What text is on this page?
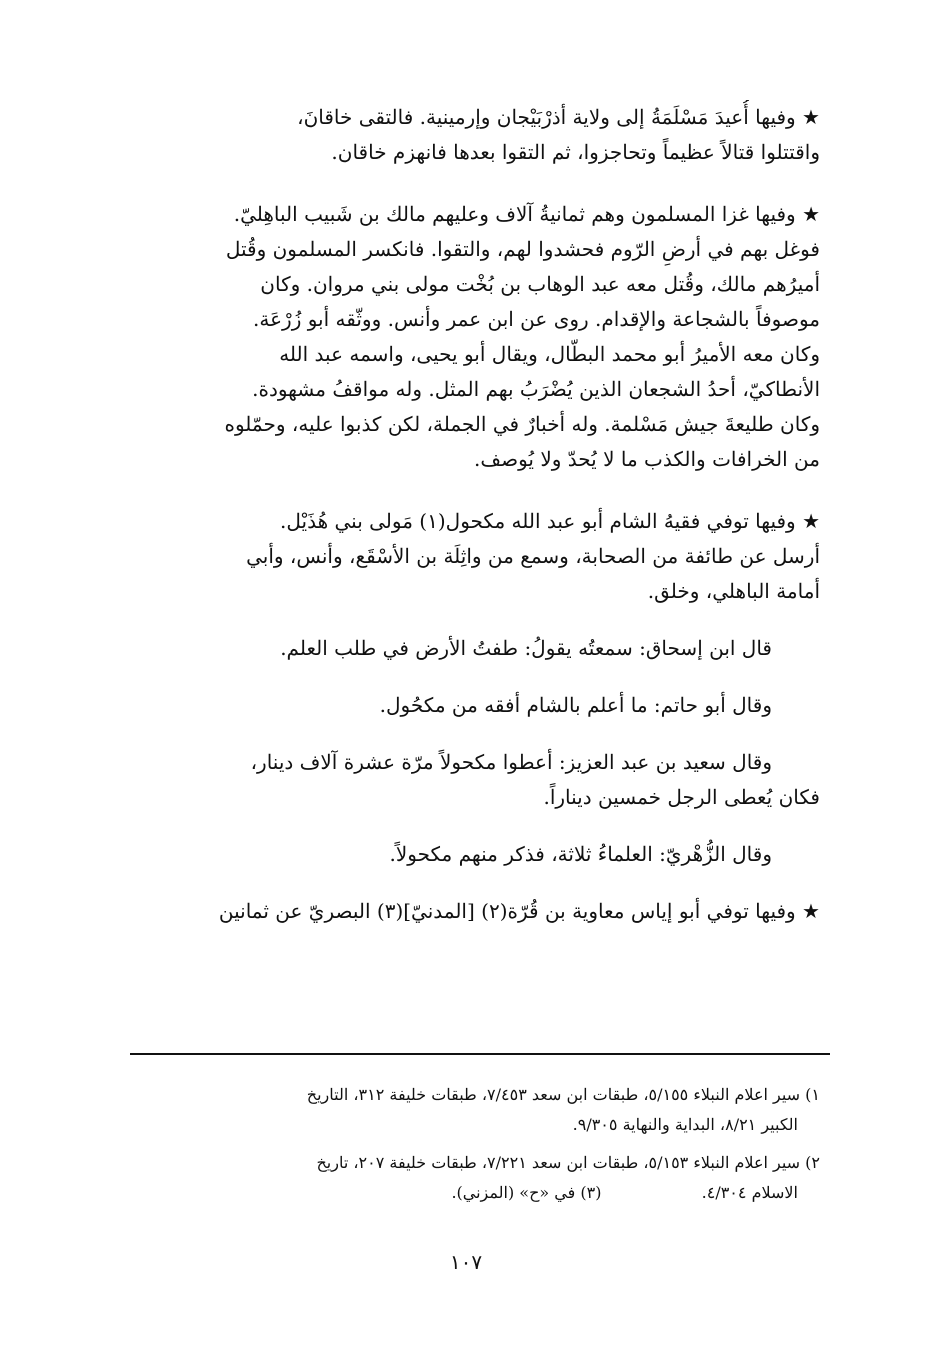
★ وفيها أُعيدَ مَسْلَمَةُ إلى ولاية أذرْبَيْجان وإرمينية. فالتقى خاقانَ،
واقتتلوا قتالاً عظيماً وتحاجزوا، ثم التقوا بعدها فانهزم خاقان.
★ وفيها غزا المسلمون وهم ثمانيةُ آلاف وعليهم مالك بن شَبيب الباهِليّ.
فوغل بهم في أرضِ الرّوم فحشدوا لهم، والتقوا. فانكسر المسلمون وقُتل
أميرُهم مالك، وقُتل معه عبد الوهاب بن بُخْت مولى بني مروان. وكان
موصوفاً بالشجاعة والإقدام. روى عن ابن عمر وأنس. ووثّقه أبو زُرْعَة.
وكان معه الأميرُ أبو محمد البطّال، ويقال أبو يحيى، واسمه عبد الله
الأنطاكيّ، أحدُ الشجعان الذين يُضْرَبُ بهم المثل. وله مواقفُ مشهودة.
وكان طليعةَ جيش مَسْلمة. وله أخبارٌ في الجملة، لكن كذبوا عليه، وحمّلوه
من الخرافات والكذب ما لا يُحدّ ولا يُوصف.
★ وفيها توفي فقيهُ الشام أبو عبد الله مكحول(١) مَولى بني هُذَيْل.
أرسل عن طائفة من الصحابة، وسمع من واثِلَة بن الأسْقَع، وأنس، وأبي
أمامة الباهلي، وخلق.
قال ابن إسحاق: سمعتُه يقولُ: طفتُ الأرض في طلب العلم.
وقال أبو حاتم: ما أعلم بالشام أفقه من مكحُول.
وقال سعيد بن عبد العزيز: أعطوا مكحولاً مرّة عشرة آلاف دينار،
فكان يُعطى الرجل خمسين ديناراً.
وقال الزُّهْريّ: العلماءُ ثلاثة، فذكر منهم مكحولاً.
★ وفيها توفي أبو إياس معاوية بن قُرّة(٢) [المدنيّ](٣) البصريّ عن ثمانين
١) سير اعلام النبلاء ٥/١٥٥، طبقات ابن سعد ٧/٤٥٣، طبقات خليفة ٣١٢، التاريخ
الكبير ٨/٢١، البداية والنهاية ٩/٣٠٥.
٢) سير اعلام النبلاء ٥/١٥٣، طبقات ابن سعد ٧/٢٢١، طبقات خليفة ٢٠٧، تاريخ
الاسلام ٤/٣٠٤.  (٣) في «ح» (المزني).
١٠٧
